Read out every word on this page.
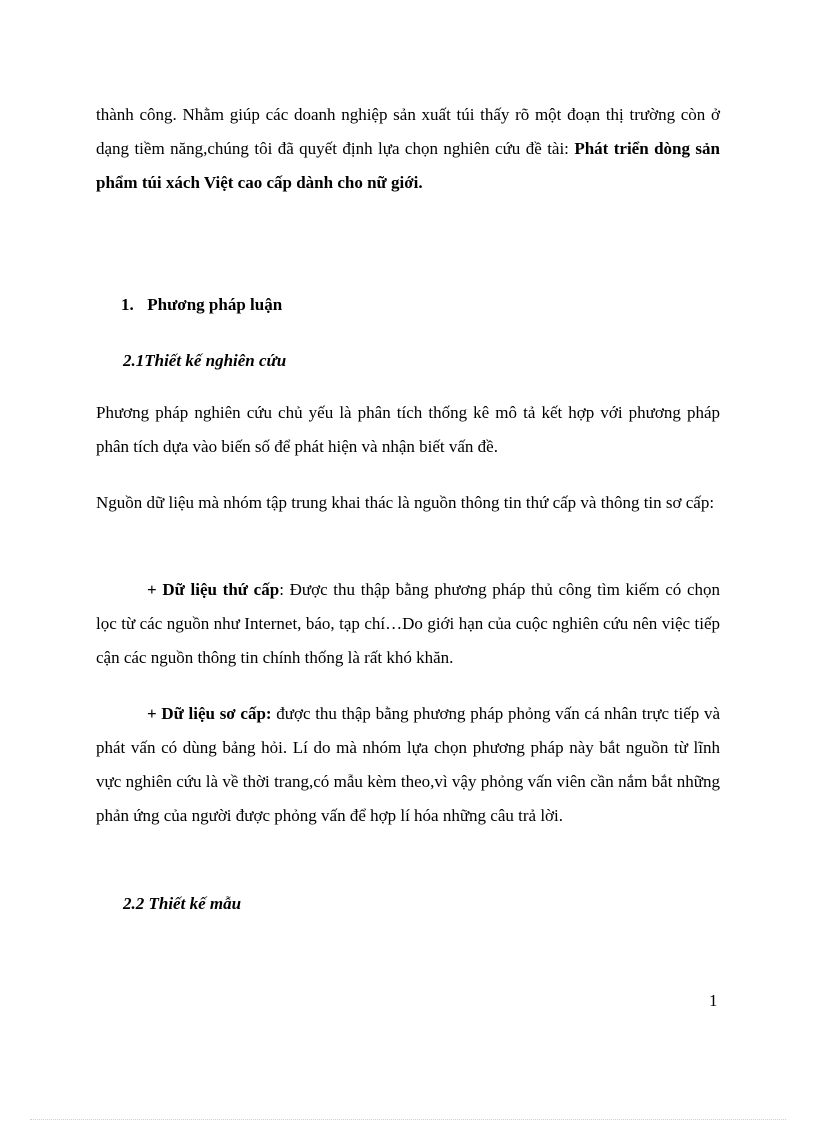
thành công. Nhằm giúp các doanh nghiệp sản xuất túi thấy rõ một đoạn thị trường còn ở dạng tiềm năng,chúng tôi đã quyết định lựa chọn nghiên cứu đề tài: Phát triển dòng sản phẩm túi xách Việt cao cấp dành cho nữ giới.
1. Phương pháp luận
2.1Thiết kế nghiên cứu
Phương pháp nghiên cứu chủ yếu là phân tích thống kê mô tả kết hợp với phương pháp phân tích dựa vào biến số để phát hiện và nhận biết vấn đề.
Nguồn dữ liệu mà nhóm tập trung khai thác là nguồn thông tin thứ cấp và thông tin sơ cấp:
+ Dữ liệu thứ cấp: Được thu thập bằng phương pháp thủ công tìm kiếm có chọn lọc từ các nguồn như Internet, báo, tạp chí…Do giới hạn của cuộc nghiên cứu nên việc tiếp cận các nguồn thông tin chính thống là rất khó khăn.
+ Dữ liệu sơ cấp: được thu thập bằng phương pháp phỏng vấn cá nhân trực tiếp và phát vấn có dùng bảng hỏi. Lí do mà nhóm lựa chọn phương pháp này bắt nguồn từ lĩnh vực nghiên cứu là về thời trang,có mẫu kèm theo,vì vậy phỏng vấn viên cần nắm bắt những phản ứng của người được phỏng vấn để hợp lí hóa những câu trả lời.
2.2 Thiết kế mẫu
1
